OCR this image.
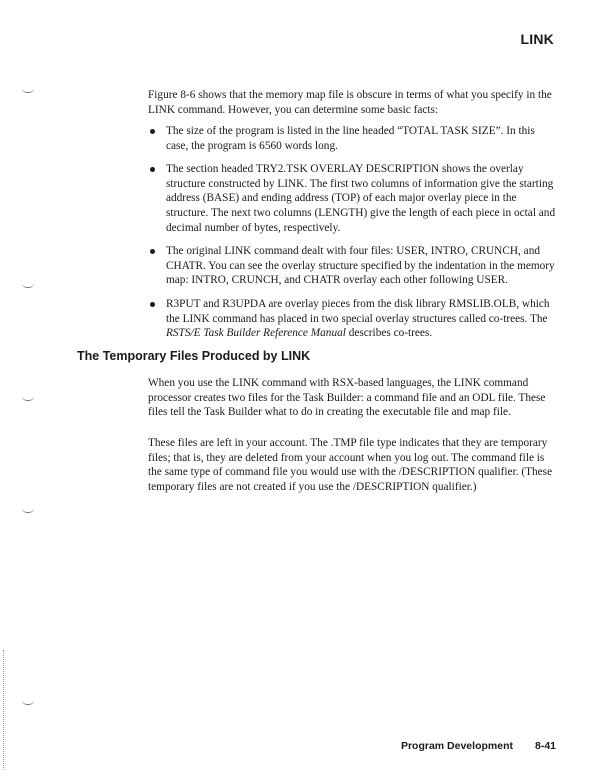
LINK

Figure 8-6 shows that the memory map file is obscure in terms of what you specify in the LINK command. However, you can determine some basic facts:

The size of the program is listed in the line headed “TOTAL TASK SIZE”. In this case, the program is 6560 words long.
The section headed TRY2.TSK OVERLAY DESCRIPTION shows the overlay structure constructed by LINK. The first two columns of information give the starting address (BASE) and ending address (TOP) of each major overlay piece in the structure. The next two columns (LENGTH) give the length of each piece in octal and decimal number of bytes, respectively.
The original LINK command dealt with four files: USER, INTRO, CRUNCH, and CHATR. You can see the overlay structure specified by the indentation in the memory map: INTRO, CRUNCH, and CHATR overlay each other following USER.
R3PUT and R3UPDA are overlay pieces from the disk library RMSLIB.OLB, which the LINK command has placed in two special overlay structures called co-trees. The RSTS/E Task Builder Reference Manual describes co-trees.
The Temporary Files Produced by LINK

When you use the LINK command with RSX-based languages, the LINK command processor creates two files for the Task Builder: a command file and an ODL file. These files tell the Task Builder what to do in creating the executable file and map file.

These files are left in your account. The .TMP file type indicates that they are temporary files; that is, they are deleted from your account when you log out. The command file is the same type of command file you would use with the /DESCRIPTION qualifier. (These temporary files are not created if you use the /DESCRIPTION qualifier.)

Program Development 8-41
